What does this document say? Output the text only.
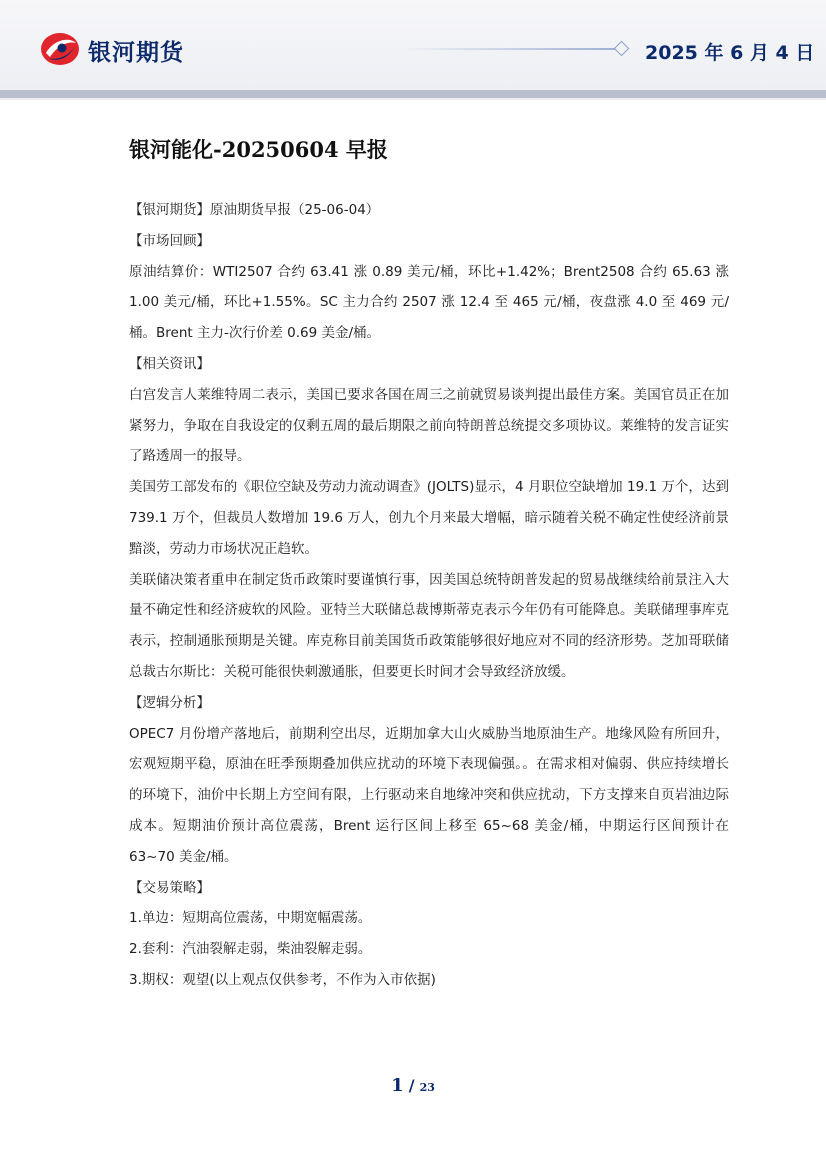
银河期货	2025 年 6 月 4 日
银河能化-20250604 早报

【银河期货】原油期货早报（25-06-04）

【市场回顾】

原油结算价：WTI2507 合约 63.41 涨 0.89 美元/桶，环比+1.42%；Brent2508 合约 65.63 涨 1.00 美元/桶，环比+1.55%。SC 主力合约 2507 涨 12.4 至 465 元/桶，夜盘涨 4.0 至 469 元/桶。Brent 主力-次行价差 0.69 美金/桶。

【相关资讯】

白宫发言人莱维特周二表示，美国已要求各国在周三之前就贸易谈判提出最佳方案。美国官员正在加紧努力，争取在自我设定的仅剩五周的最后期限之前向特朗普总统提交多项协议。莱维特的发言证实了路透周一的报导。

美国劳工部发布的《职位空缺及劳动力流动调查》(JOLTS)显示，4 月职位空缺增加 19.1 万个，达到 739.1 万个，但裁员人数增加 19.6 万人，创九个月来最大增幅，暗示随着关税不确定性使经济前景黯淡，劳动力市场状况正趋软。

美联储决策者重申在制定货币政策时要谨慎行事，因美国总统特朗普发起的贸易战继续给前景注入大量不确定性和经济疲软的风险。亚特兰大联储总裁博斯蒂克表示今年仍有可能降息。美联储理事库克表示，控制通胀预期是关键。库克称目前美国货币政策能够很好地应对不同的经济形势。芝加哥联储总裁古尔斯比：关税可能很快刺激通胀，但要更长时间才会导致经济放缓。

【逻辑分析】

OPEC7 月份增产落地后，前期利空出尽，近期加拿大山火威胁当地原油生产。地缘风险有所回升，宏观短期平稳，原油在旺季预期叠加供应扰动的环境下表现偏强。。在需求相对偏弱、供应持续增长的环境下，油价中长期上方空间有限，上行驱动来自地缘冲突和供应扰动，下方支撑来自页岩油边际成本。短期油价预计高位震荡，Brent 运行区间上移至 65~68 美金/桶，中期运行区间预计在 63~70 美金/桶。

【交易策略】

1.单边：短期高位震荡，中期宽幅震荡。

2.套利：汽油裂解走弱，柴油裂解走弱。

3.期权：观望(以上观点仅供参考，不作为入市依据)

1 / 23
